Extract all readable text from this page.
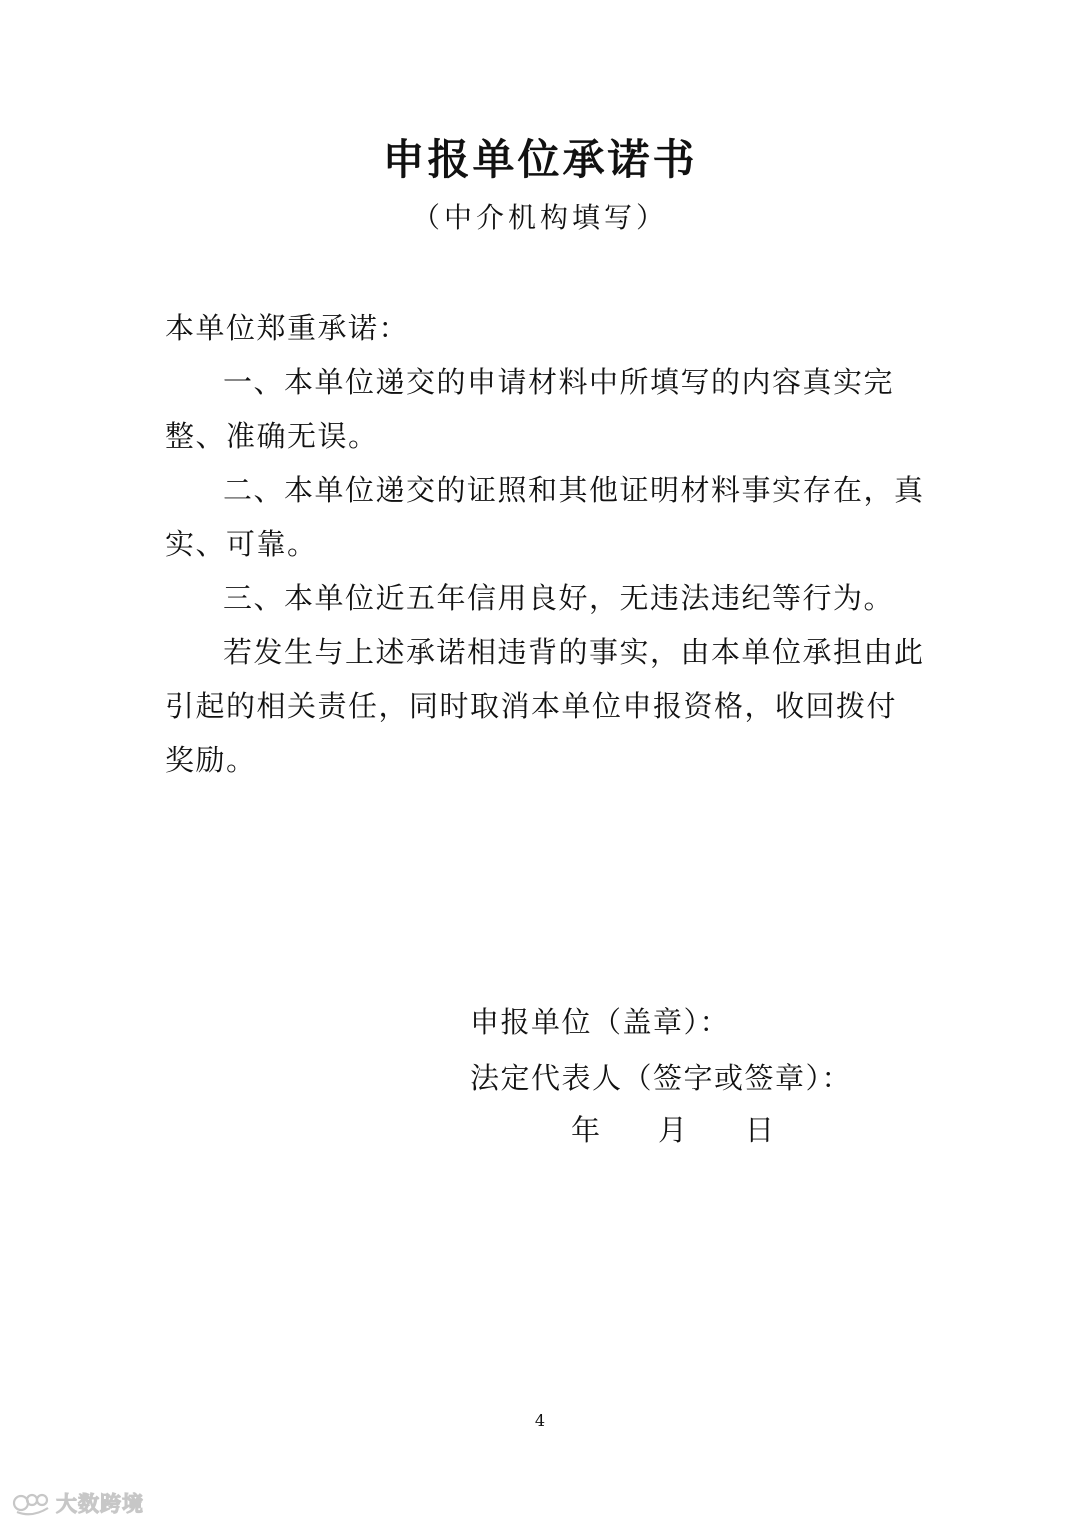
申报单位承诺书
（中介机构填写）

本单位郑重承诺：

一、本单位递交的申请材料中所填写的内容真实完整、准确无误。

二、本单位递交的证照和其他证明材料事实存在，真实、可靠。

三、本单位近五年信用良好，无违法违纪等行为。

若发生与上述承诺相违背的事实，由本单位承担由此引起的相关责任，同时取消本单位申报资格，收回拨付奖励。

申报单位（盖章）：
法定代表人（签字或签章）：
年 月 日
4
大数跨境
